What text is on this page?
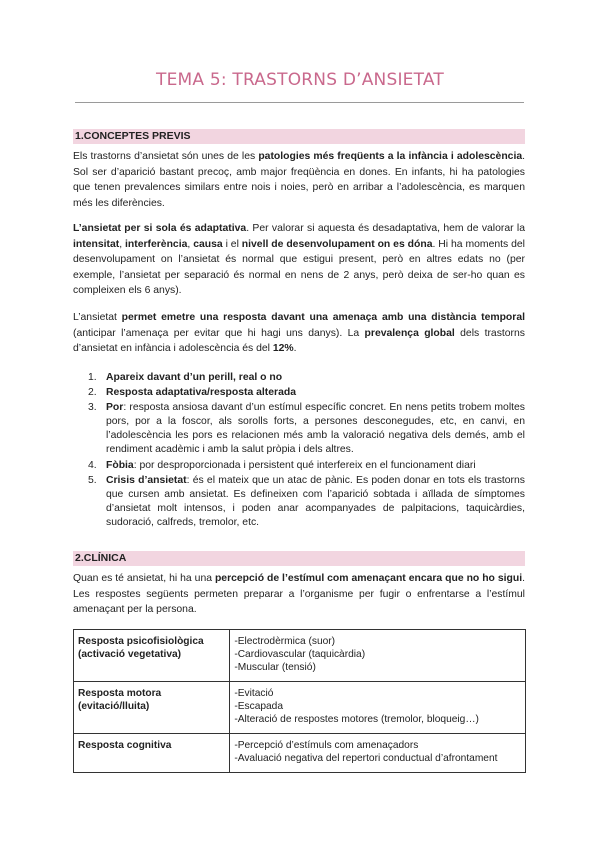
TEMA 5: TRASTORNS D’ANSIETAT
1.CONCEPTES PREVIS

Els trastorns d’ansietat són unes de les patologies més freqüents a la infància i adolescència. Sol ser d’aparició bastant precoç, amb major freqüència en dones. En infants, hi ha patologies que tenen prevalences similars entre nois i noies, però en arribar a l’adolescència, es marquen més les diferències.

L’ansietat per si sola és adaptativa. Per valorar si aquesta és desadaptativa, hem de valorar la intensitat, interferència, causa i el nivell de desenvolupament on es dóna. Hi ha moments del desenvolupament on l’ansietat és normal que estigui present, però en altres edats no (per exemple, l’ansietat per separació és normal en nens de 2 anys, però deixa de ser-ho quan es compleixen els 6 anys).

L’ansietat permet emetre una resposta davant una amenaça amb una distància temporal (anticipar l’amenaça per evitar que hi hagi uns danys). La prevalença global dels trastorns d’ansietat en infància i adolescència és del 12%.

1. Apareix davant d’un perill, real o no
2. Resposta adaptativa/resposta alterada
3. Por: resposta ansiosa davant d’un estímul específic concret. En nens petits trobem moltes pors, por a la foscor, als sorolls forts, a persones desconegudes, etc, en canvi, en l’adolescència les pors es relacionen més amb la valoració negativa dels demés, amb el rendiment acadèmic i amb la salut pròpia i dels altres.
4. Fòbia: por desproporcionada i persistent qué interfereix en el funcionament diari
5. Crisis d’ansietat: és el mateix que un atac de pànic. Es poden donar en tots els trastorns que cursen amb ansietat. Es defineixen com l’aparició sobtada i aïllada de símptomes d’ansietat molt intensos, i poden anar acompanyades de palpitacions, taquicàrdies, sudoració, calfreds, tremolor, etc.
2.CLÍNICA

Quan es té ansietat, hi ha una percepció de l’estímul com amenaçant encara que no ho sigui. Les respostes següents permeten preparar a l’organisme per fugir o enfrentarse a l’estímul amenaçant per la persona.

Resposta psicofisiològica
(activació vegetativa)	-Electrodèrmica (suor)
-Cardiovascular (taquicàrdia)
-Muscular (tensió)
Resposta motora
(evitació/lluita)	-Evitació
-Escapada
-Alteració de respostes motores (tremolor, bloqueig…)
Resposta cognitiva	-Percepció d’estímuls com amenaçadors
-Avaluació negativa del repertori conductual d’afrontament
